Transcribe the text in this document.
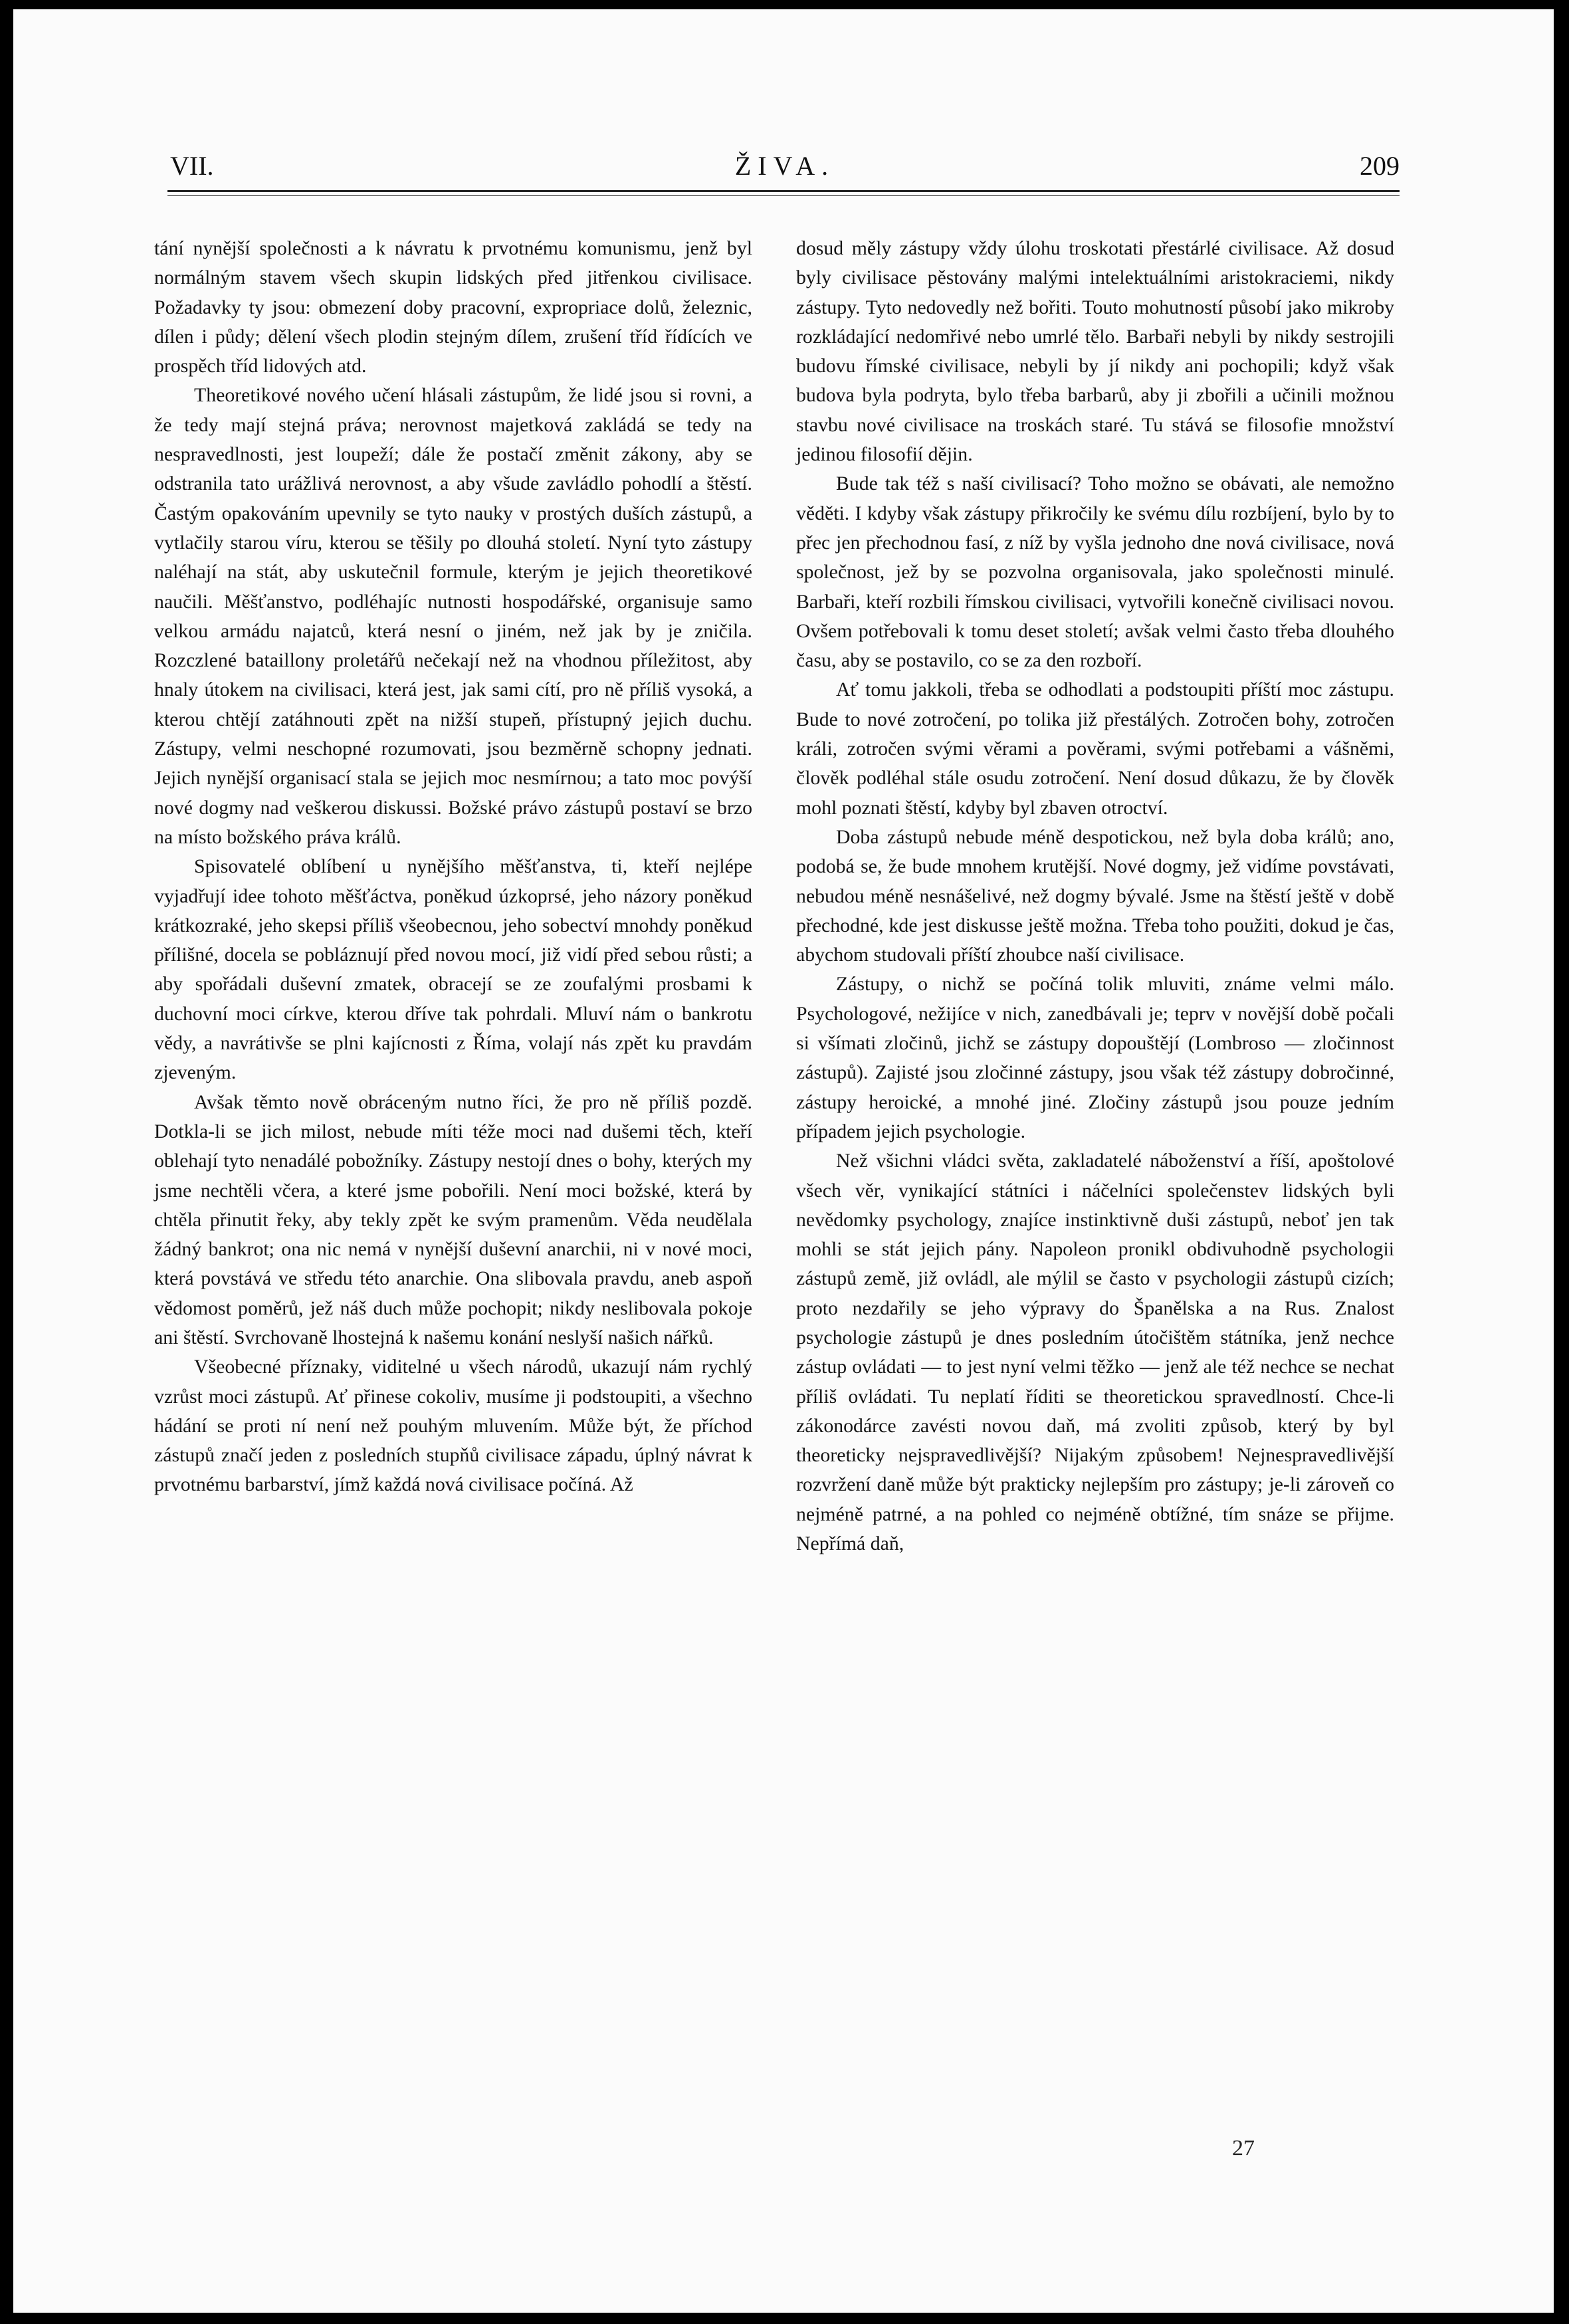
VII.	ŽIVA.	209

tání nynější společnosti a k návratu k prvotnému komunismu, jenž byl normálným stavem všech skupin lidských před jitřenkou civilisace. Požadavky ty jsou: obmezení doby pracovní, expropriace dolů, železnic, dílen i půdy; dělení všech plodin stejným dílem, zrušení tříd řídících ve prospěch tříd lidových atd.

Theoretikové nového učení hlásali zástupům, že lidé jsou si rovni, a že tedy mají stejná práva; nerovnost majetková zakládá se tedy na nespravedlnosti, jest loupeží; dále že postačí změnit zákony, aby se odstranila tato urážlivá nerovnost, a aby všude zavládlo pohodlí a štěstí. Častým opakováním upevnily se tyto nauky v prostých duších zástupů, a vytlačily starou víru, kterou se těšily po dlouhá století. Nyní tyto zástupy naléhají na stát, aby uskutečnil formule, kterým je jejich theoretikové naučili. Měšťanstvo, podléhajíc nutnosti hospodářské, organisuje samo velkou armádu najatců, která nesní o jiném, než jak by je zničila. Rozczlené bataillony proletářů nečekají než na vhodnou příležitost, aby hnaly útokem na civilisaci, která jest, jak sami cítí, pro ně příliš vysoká, a kterou chtějí zatáhnouti zpět na nižší stupeň, přístupný jejich duchu. Zástupy, velmi neschopné rozumovati, jsou bezměrně schopny jednati. Jejich nynější organisací stala se jejich moc nesmírnou; a tato moc povýší nové dogmy nad veškerou diskussi. Božské právo zástupů postaví se brzo na místo božského práva králů.

Spisovatelé oblíbení u nynějšího měšťanstva, ti, kteří nejlépe vyjadřují idee tohoto měšťáctva, poněkud úzkoprsé, jeho názory poněkud krátkozraké, jeho skepsi příliš všeobecnou, jeho sobectví mnohdy poněkud přílišné, docela se pobláznují před novou mocí, již vidí před sebou růsti; a aby spořádali duševní zmatek, obracejí se ze zoufalými prosbami k duchovní moci církve, kterou dříve tak pohrdali. Mluví nám o bankrotu vědy, a navrátivše se plni kajícnosti z Říma, volají nás zpět ku pravdám zjeveným.

Avšak těmto nově obráceným nutno říci, že pro ně příliš pozdě. Dotkla-li se jich milost, nebude míti téže moci nad dušemi těch, kteří oblehají tyto nenadálé pobožníky. Zástupy nestojí dnes o bohy, kterých my jsme nechtěli včera, a které jsme pobořili. Není moci božské, která by chtěla přinutit řeky, aby tekly zpět ke svým pramenům. Věda neudělala žádný bankrot; ona nic nemá v nynější duševní anarchii, ni v nové moci, která povstává ve středu této anarchie. Ona slibovala pravdu, aneb aspoň vědomost poměrů, jež náš duch může pochopit; nikdy neslibovala pokoje ani štěstí. Svrchovaně lhostejná k našemu konání neslyší našich nářků.

Všeobecné příznaky, viditelné u všech národů, ukazují nám rychlý vzrůst moci zástupů. Ať přinese cokoliv, musíme ji podstoupiti, a všechno hádání se proti ní není než pouhým mluvením. Může být, že příchod zástupů značí jeden z posledních stupňů civilisace západu, úplný návrat k prvotnému barbarství, jímž každá nová civilisace počíná. Až

dosud měly zástupy vždy úlohu troskotati přestárlé civilisace. Až dosud byly civilisace pěstovány malými intelektuálními aristokraciemi, nikdy zástupy. Tyto nedovedly než bořiti. Touto mohutností působí jako mikroby rozkládající nedomřivé nebo umrlé tělo. Barbaři nebyli by nikdy sestrojili budovu římské civilisace, nebyli by jí nikdy ani pochopili; když však budova byla podryta, bylo třeba barbarů, aby ji zbořili a učinili možnou stavbu nové civilisace na troskách staré. Tu stává se filosofie množství jedinou filosofií dějin.

Bude tak též s naší civilisací? Toho možno se obávati, ale nemožno věděti. I kdyby však zástupy přikročily ke svému dílu rozbíjení, bylo by to přec jen přechodnou fasí, z níž by vyšla jednoho dne nová civilisace, nová společnost, jež by se pozvolna organisovala, jako společnosti minulé. Barbaři, kteří rozbili římskou civilisaci, vytvořili konečně civilisaci novou. Ovšem potřebovali k tomu deset století; avšak velmi často třeba dlouhého času, aby se postavilo, co se za den rozboří.

Ať tomu jakkoli, třeba se odhodlati a podstoupiti příští moc zástupu. Bude to nové zotročení, po tolika již přestálých. Zotročen bohy, zotročen králi, zotročen svými věrami a pověrami, svými potřebami a vášněmi, člověk podléhal stále osudu zotročení. Není dosud důkazu, že by člověk mohl poznati štěstí, kdyby byl zbaven otroctví.

Doba zástupů nebude méně despotickou, než byla doba králů; ano, podobá se, že bude mnohem krutější. Nové dogmy, jež vidíme povstávati, nebudou méně nesnášelivé, než dogmy bývalé. Jsme na štěstí ještě v době přechodné, kde jest diskusse ještě možna. Třeba toho použiti, dokud je čas, abychom studovali příští zhoubce naší civilisace.

Zástupy, o nichž se počíná tolik mluviti, známe velmi málo. Psychologové, nežijíce v nich, zanedbávali je; teprv v novější době počali si všímati zločinů, jichž se zástupy dopouštějí (Lombroso — zločinnost zástupů). Zajisté jsou zločinné zástupy, jsou však též zástupy dobročinné, zástupy heroické, a mnohé jiné. Zločiny zástupů jsou pouze jedním případem jejich psychologie.

Než všichni vládci světa, zakladatelé náboženství a říší, apoštolové všech věr, vynikající státníci i náčelníci společenstev lidských byli nevědomky psychology, znajíce instinktivně duši zástupů, neboť jen tak mohli se stát jejich pány. Napoleon pronikl obdivuhodně psychologii zástupů země, již ovládl, ale mýlil se často v psychologii zástupů cizích; proto nezdařily se jeho výpravy do Španělska a na Rus. Znalost psychologie zástupů je dnes posledním útočištěm státníka, jenž nechce zástup ovládati — to jest nyní velmi těžko — jenž ale též nechce se nechat příliš ovládati. Tu neplatí říditi se theoretickou spravedlností. Chce-li zákonodárce zavésti novou daň, má zvoliti způsob, který by byl theoreticky nejspravedlivější? Nijakým způsobem! Nejnespravedlivější rozvržení daně může být prakticky nejlepším pro zástupy; je-li zároveň co nejméně patrné, a na pohled co nejméně obtížné, tím snáze se přijme. Nepřímá daň,

27
